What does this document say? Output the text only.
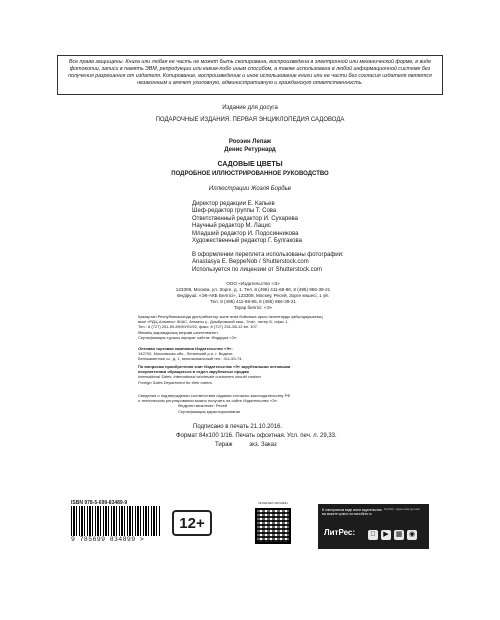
Все права защищены. Книга или любая ее часть не может быть скопирована, воспроизведена в электронной или механической форме, в виде фотокопии, записи в память ЭВМ, репродукции или каким-либо иным способом, а также использована в любой информационной системе без получения разрешения от издателя. Копирование, воспроизведение и иное использование книги или ее части без согласия издателя является незаконным и влечет уголовную, административную и гражданскую ответственность.
Издание для досуга
ПОДАРОЧНЫЕ ИЗДАНИЯ. ПЕРВАЯ ЭНЦИКЛОПЕДИЯ САДОВОДА
Рооэин Лепаж
Денис Ретурнард
САДОВЫЕ ЦВЕТЫ
ПОДРОБНОЕ ИЛЛЮСТРИРОВАННОЕ РУКОВОДСТВО
Иллюстрации Жоэля Бордье
Директор редакции Е. Капьев
Шеф-редактор группы Т. Сова
Ответственный редактор И. Сухарева
Научный редактор М. Лацис
Младший редактор И. Подосинникова
Художественный редактор Г. Булгакова
В оформлении переплета использованы фотографии:
Anastasya E. BeppeNob / Shutterstock.com
Используется по лицензии от Shutterstock.com
ООО «Издательство «Э»
123308, Москва, ул. Зорге, д. 1. Тел. 8 (495) 411-68-86, 8 (495) 956-39-21
Өндіруші: «ЭК-АКБ Белгісі», 123308, Мәскеу, Ресей, Зорге көшесі, 1 үй.
Тел. 8 (495) 411-68-86, 8 (495) 956-39-21
Тауар белгісі: «Э»
Қазақстан Республикасында дистрибьютор және өнім бойынша арыз-талаптарды қабылдаушының
өкілі «РДЦ-Алматы» ЖШС, Алматы қ., Домбровский көш., 3«а», литер Б, офис 1.
Тел.: 8 (727) 251-59-89/90/91/92, факс: 8 (727) 251-58-12 вн. 107.
Өнімнің жарамдылық мерзімі шектелмеген.
Сертификация туралы ақпарат сайтта: Өндіруші «Э»
Оптовая торговая компания Издательство «Э»:
142700, Московская обл., Ленинский р-н, г. Видное,
Белокаменное ш., д. 1, многоканальный тел.: 411-50-74.
По вопросам приобретения книг Издательства «Э» зарубежными оптовыми
покупателями обращаться в отдел зарубежных продаж
International Sales: International wholesale customers should contact
Foreign Sales Department for their orders.
Сведения о подтверждении соответствия издания согласно законодательству РФ
о техническом регулировании можно получить на сайте Издательства «Э»
Өндірген мемлекет: Ресей
Сертификация қарастырылмаған
Подписано в печать 21.10.2016.
Формат 84х100 1/16. Печать офсетная. Усл. печ. л. 29,33.
Тираж          экз. Заказ
ISBN 978-5-699-83489-9
9 785699 834899 >
12+
ИНТЕРНЕТ-МАГАЗИН
В электронном виде книги издательства вы можете купить на www.litres.ru
ЛитРес: один клик до книг
ЛитРес:	▶	▦ ◉
